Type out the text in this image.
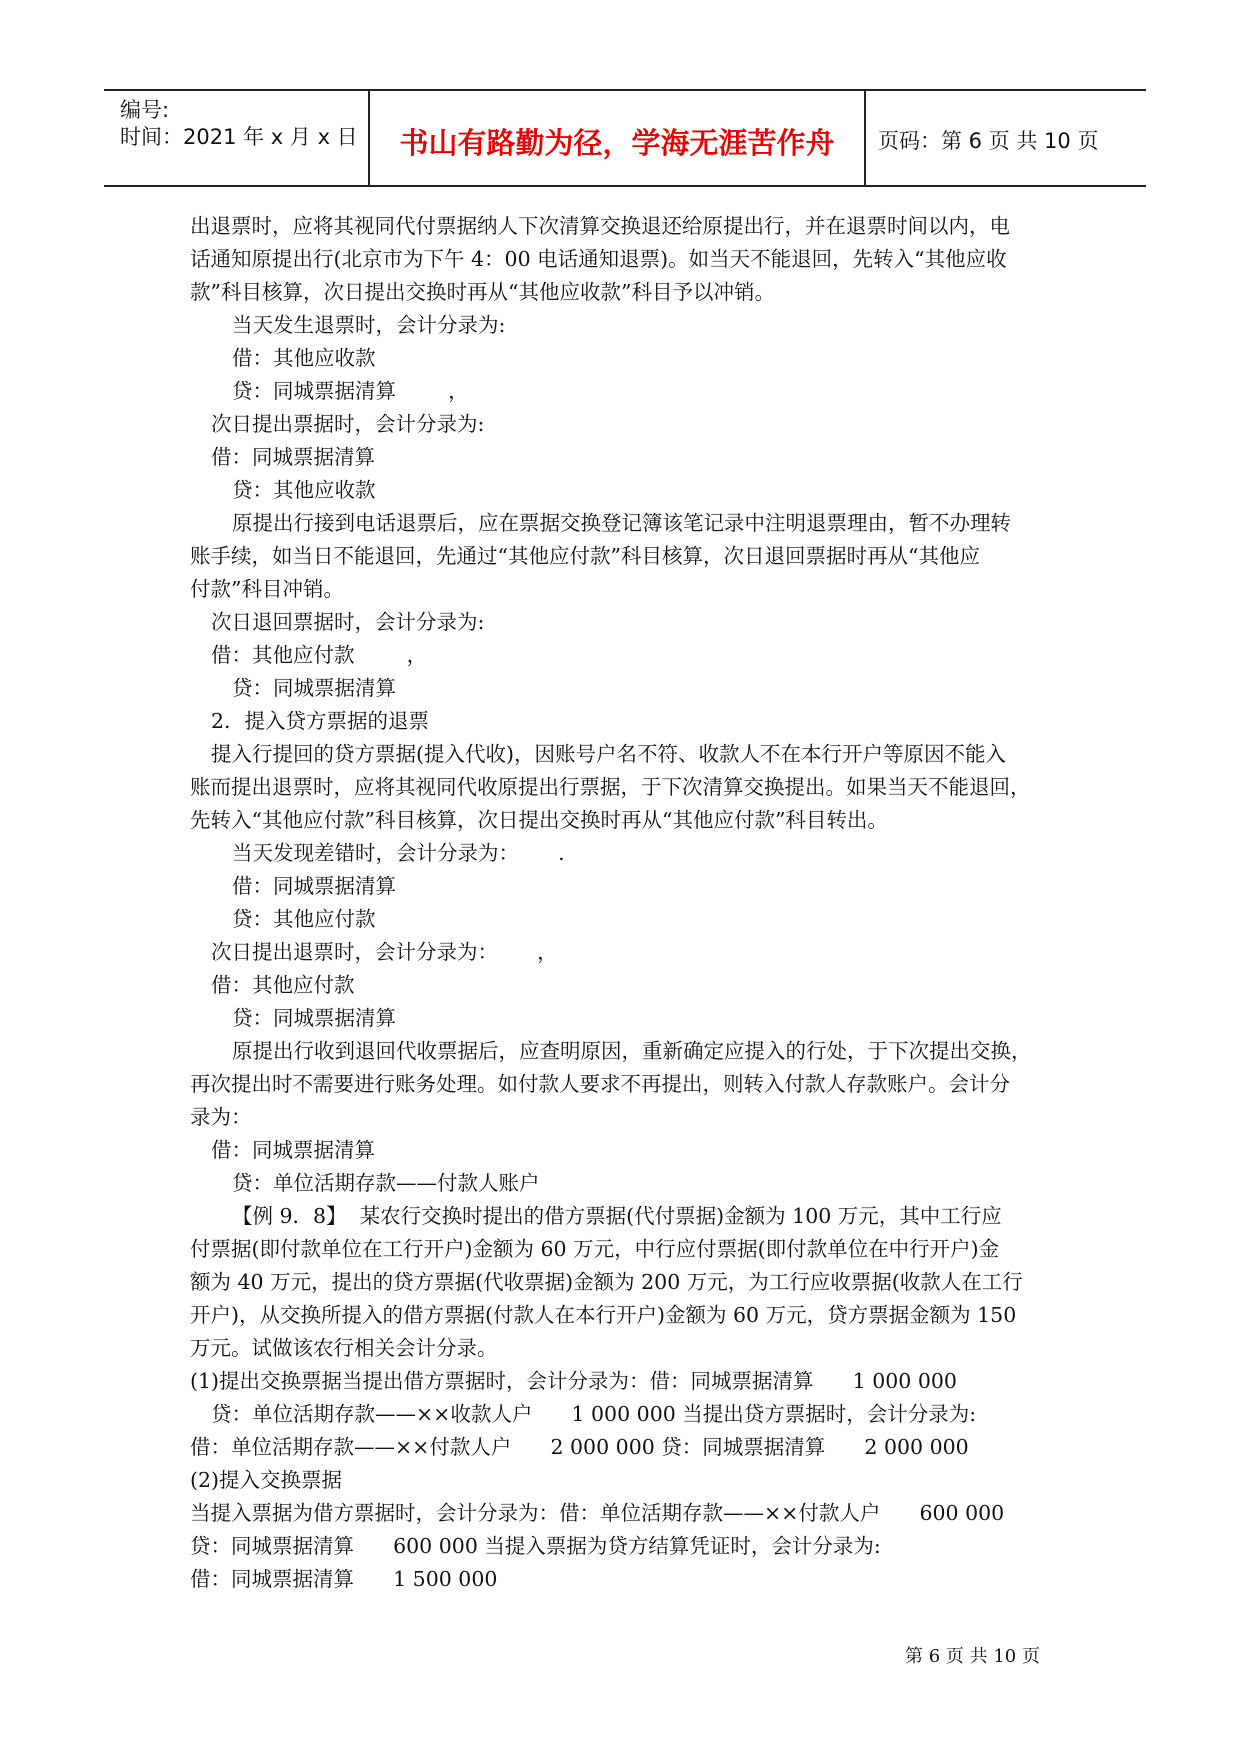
编号:
时间：2021 年 x 月 x 日	书山有路勤为径，学海无涯苦作舟	页码：第 6 页 共 10 页
出退票时，应将其视同代付票据纳人下次清算交换退还给原提出行，并在退票时间以内，电
话通知原提出行(北京市为下午 4：00 电话通知退票)。如当天不能退回，先转入“其他应收
款”科目核算，次日提出交换时再从“其他应收款”科目予以冲销。
当天发生退票时，会计分录为:
借：其他应收款
贷：同城票据清算        ，
次日提出票据时，会计分录为:
借：同城票据清算
贷：其他应收款
原提出行接到电话退票后，应在票据交换登记簿该笔记录中注明退票理由，暂不办理转
账手续，如当日不能退回，先通过“其他应付款”科目核算，次日退回票据时再从“其他应
付款”科目冲销。
次日退回票据时，会计分录为:
借：其他应付款        ，
贷：同城票据清算
2．提入贷方票据的退票
提入行提回的贷方票据(提入代收)，因账号户名不符、收款人不在本行开户等原因不能入
账而提出退票时，应将其视同代收原提出行票据，于下次清算交换提出。如果当天不能退回，
先转入“其他应付款”科目核算，次日提出交换时再从“其他应付款”科目转出。
当天发现差错时，会计分录为：      .
借：同城票据清算
贷：其他应付款
次日提出退票时，会计分录为：      ，
借：其他应付款
贷：同城票据清算
原提出行收到退回代收票据后，应查明原因，重新确定应提入的行处，于下次提出交换，
再次提出时不需要进行账务处理。如付款人要求不再提出，则转入付款人存款账户。会计分
录为：
借：同城票据清算
贷：单位活期存款——付款人账户
【例 9．8】  某农行交换时提出的借方票据(代付票据)金额为 100 万元，其中工行应
付票据(即付款单位在工行开户)金额为 60 万元，中行应付票据(即付款单位在中行开户)金
额为 40 万元，提出的贷方票据(代收票据)金额为 200 万元，为工行应收票据(收款人在工行
开户)，从交换所提入的借方票据(付款人在本行开户)金额为 60 万元，贷方票据金额为 150
万元。试做该农行相关会计分录。
(1)提出交换票据当提出借方票据时，会计分录为：借：同城票据清算      1 000 000
贷：单位活期存款——××收款人户      1 000 000 当提出贷方票据时，会计分录为:
借：单位活期存款——××付款人户      2 000 000 贷：同城票据清算      2 000 000
(2)提入交换票据
当提入票据为借方票据时，会计分录为：借：单位活期存款——××付款人户      600 000
贷：同城票据清算      600 000 当提入票据为贷方结算凭证时，会计分录为:
借：同城票据清算      1 500 000
第 6 页 共 10 页
